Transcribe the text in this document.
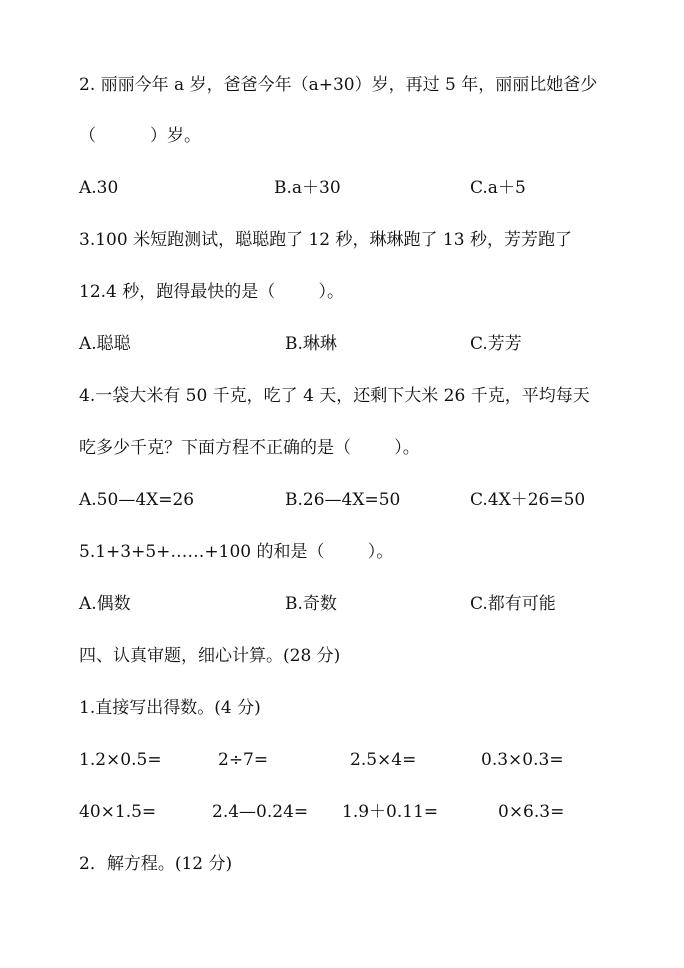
2. 丽丽今年 a 岁，爸爸今年（a+30）岁，再过 5 年，丽丽比她爸少
（          ）岁。
A.30	B.a＋30	C.a＋5
3.100 米短跑测试，聪聪跑了 12 秒，琳琳跑了 13 秒，芳芳跑了
12.4 秒，跑得最快的是（        ）。
A.聪聪	B.琳琳	C.芳芳
4.一袋大米有 50 千克，吃了 4 天，还剩下大米 26 千克，平均每天
吃多少千克？下面方程不正确的是（        ）。
A.50—4X=26	B.26—4X=50	C.4X＋26=50
5.1+3+5+……+100 的和是（        ）。
A.偶数	B.奇数	C.都有可能
四、认真审题，细心计算。(28 分)
1.直接写出得数。(4 分)
1.2×0.5=	2÷7=	2.5×4=	0.3×0.3=
40×1.5=	2.4—0.24= 1.9＋0.11=	0×6.3=
2．解方程。(12 分)
